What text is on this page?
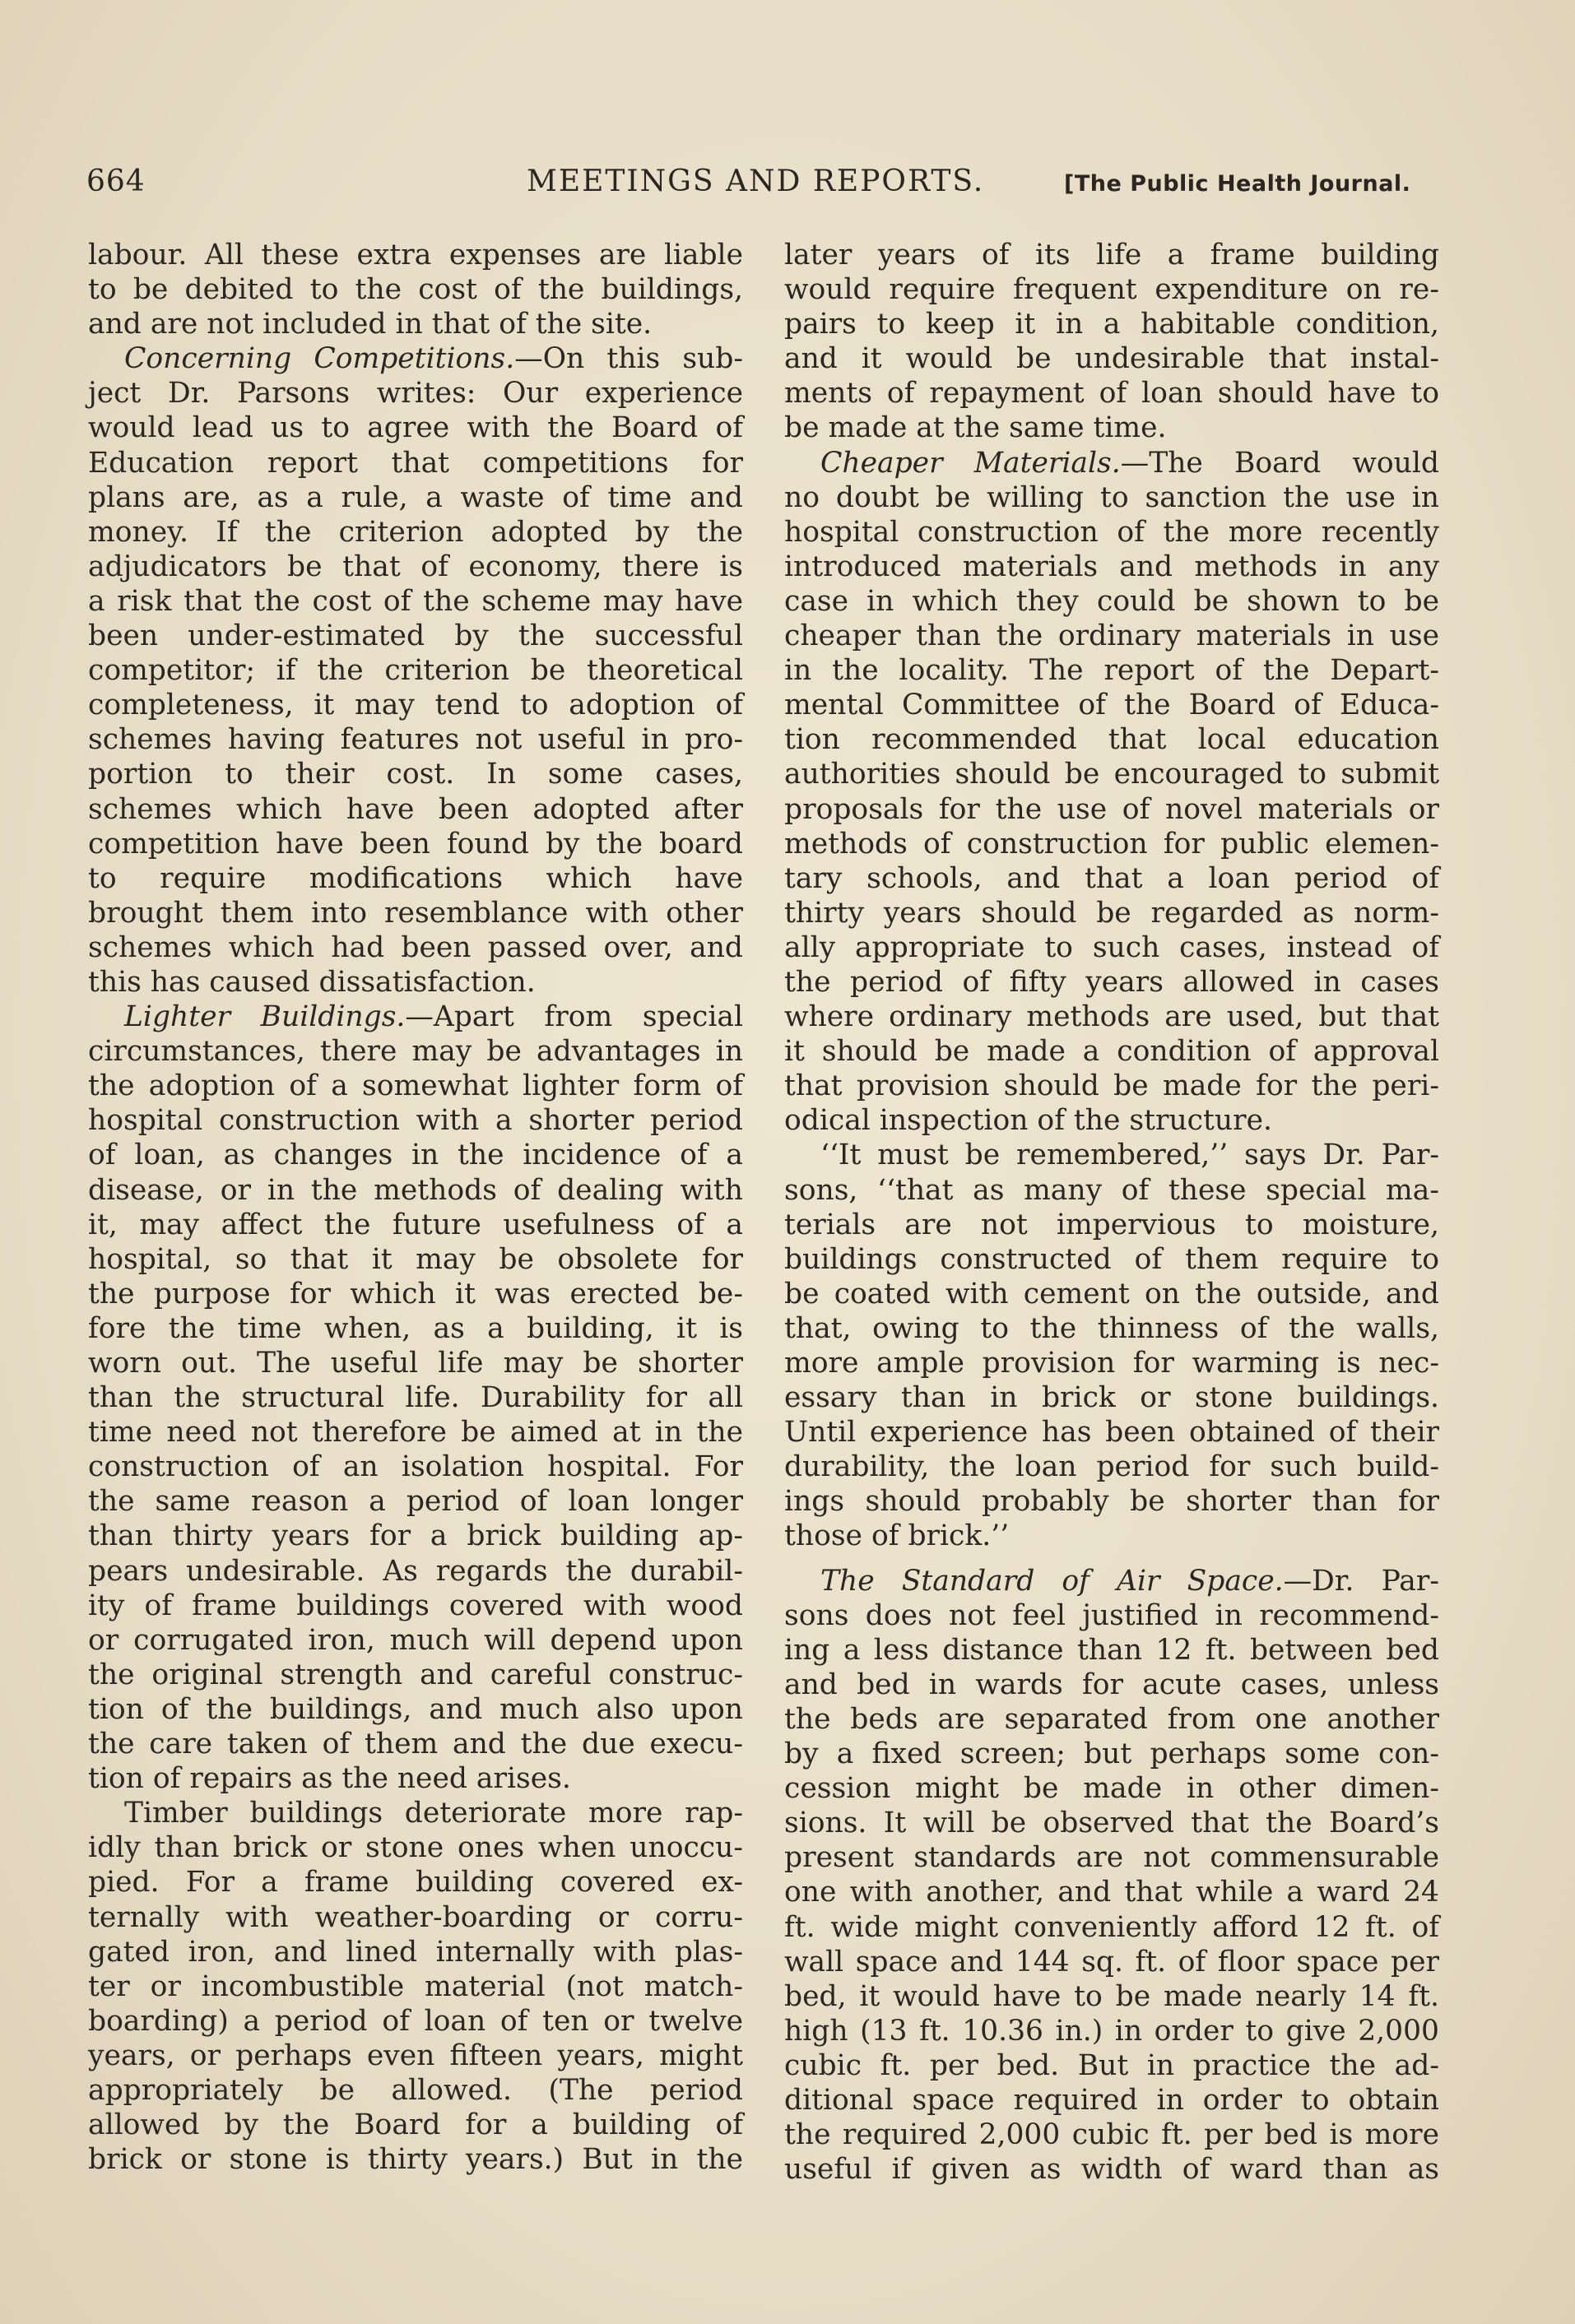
664	MEETINGS AND REPORTS.	[The Public Health Journal.

labour. All these extra expenses are liable

to be debited to the cost of the buildings,

and are not included in that of the site.

Concerning Competitions.—On this sub-

ject Dr. Parsons writes: Our experience

would lead us to agree with the Board of

Education report that competitions for

plans are, as a rule, a waste of time and

money. If the criterion adopted by the

adjudicators be that of economy, there is

a risk that the cost of the scheme may have

been under-estimated by the successful

competitor; if the criterion be theoretical

completeness, it may tend to adoption of

schemes having features not useful in pro-

portion to their cost. In some cases,

schemes which have been adopted after

competition have been found by the board

to require modifications which have

brought them into resemblance with other

schemes which had been passed over, and

this has caused dissatisfaction.

Lighter Buildings.—Apart from special

circumstances, there may be advantages in

the adoption of a somewhat lighter form of

hospital construction with a shorter period

of loan, as changes in the incidence of a

disease, or in the methods of dealing with

it, may affect the future usefulness of a

hospital, so that it may be obsolete for

the purpose for which it was erected be-

fore the time when, as a building, it is

worn out. The useful life may be shorter

than the structural life. Durability for all

time need not therefore be aimed at in the

construction of an isolation hospital. For

the same reason a period of loan longer

than thirty years for a brick building ap-

pears undesirable. As regards the durabil-

ity of frame buildings covered with wood

or corrugated iron, much will depend upon

the original strength and careful construc-

tion of the buildings, and much also upon

the care taken of them and the due execu-

tion of repairs as the need arises.

Timber buildings deteriorate more rap-

idly than brick or stone ones when unoccu-

pied. For a frame building covered ex-

ternally with weather-boarding or corru-

gated iron, and lined internally with plas-

ter or incombustible material (not match-

boarding) a period of loan of ten or twelve

years, or perhaps even fifteen years, might

appropriately be allowed. (The period

allowed by the Board for a building of

brick or stone is thirty years.) But in the

later years of its life a frame building

would require frequent expenditure on re-

pairs to keep it in a habitable condition,

and it would be undesirable that instal-

ments of repayment of loan should have to

be made at the same time.

Cheaper Materials.—The Board would

no doubt be willing to sanction the use in

hospital construction of the more recently

introduced materials and methods in any

case in which they could be shown to be

cheaper than the ordinary materials in use

in the locality. The report of the Depart-

mental Committee of the Board of Educa-

tion recommended that local education

authorities should be encouraged to submit

proposals for the use of novel materials or

methods of construction for public elemen-

tary schools, and that a loan period of

thirty years should be regarded as norm-

ally appropriate to such cases, instead of

the period of fifty years allowed in cases

where ordinary methods are used, but that

it should be made a condition of approval

that provision should be made for the peri-

odical inspection of the structure.

‘‘It must be remembered,’’ says Dr. Par-

sons, ‘‘that as many of these special ma-

terials are not impervious to moisture,

buildings constructed of them require to

be coated with cement on the outside, and

that, owing to the thinness of the walls,

more ample provision for warming is nec-

essary than in brick or stone buildings.

Until experience has been obtained of their

durability, the loan period for such build-

ings should probably be shorter than for

those of brick.’’

The Standard of Air Space.—Dr. Par-

sons does not feel justified in recommend-

ing a less distance than 12 ft. between bed

and bed in wards for acute cases, unless

the beds are separated from one another

by a fixed screen; but perhaps some con-

cession might be made in other dimen-

sions. It will be observed that the Board’s

present standards are not commensurable

one with another, and that while a ward 24

ft. wide might conveniently afford 12 ft. of

wall space and 144 sq. ft. of floor space per

bed, it would have to be made nearly 14 ft.

high (13 ft. 10.36 in.) in order to give 2,000

cubic ft. per bed. But in practice the ad-

ditional space required in order to obtain

the required 2,000 cubic ft. per bed is more

useful if given as width of ward than as
